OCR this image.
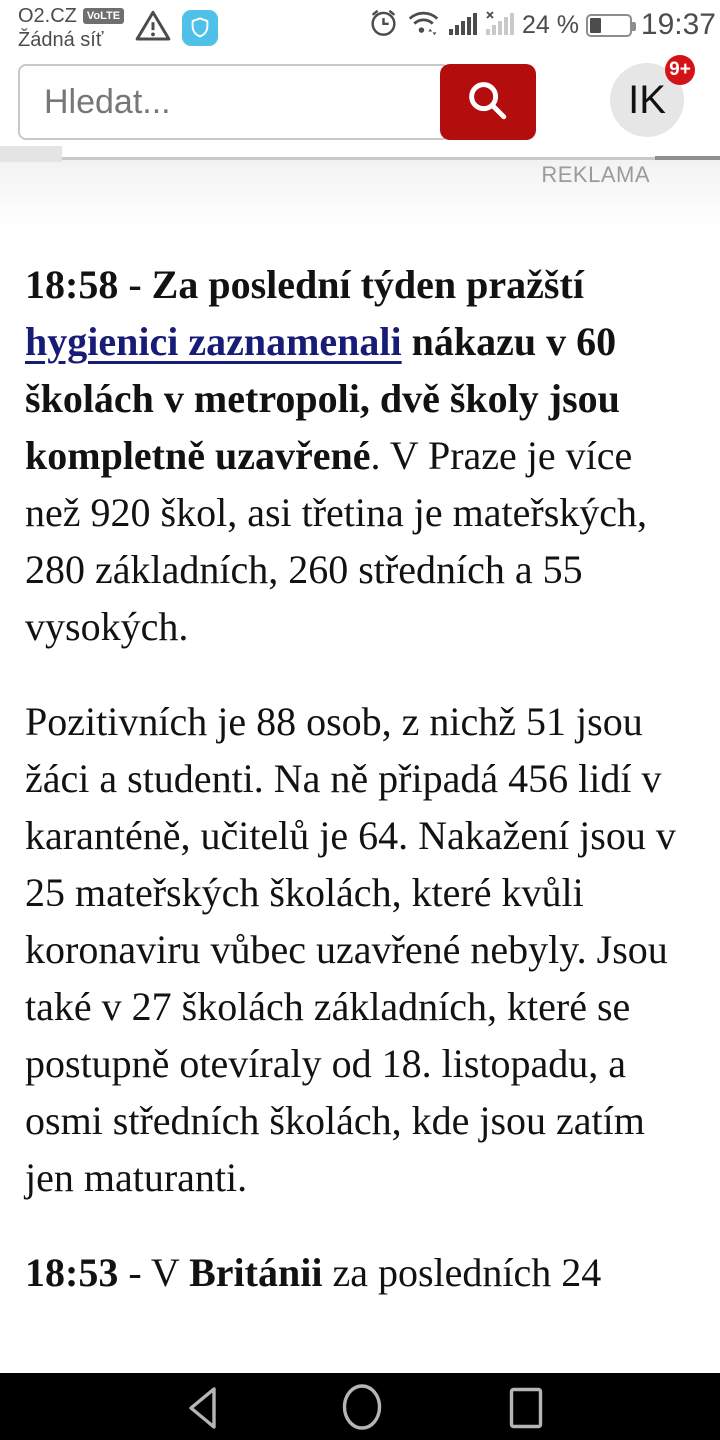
O2.CZ VoLTE
Žádná síť
24 % 19:37
Hledat...
IK
9+
REKLAMA

18:58 - Za poslední týden pražští hygienici zaznamenali nákazu v 60 školách v metropoli, dvě školy jsou kompletně uzavřené. V Praze je více než 920 škol, asi třetina je mateřských, 280 základních, 260 středních a 55 vysokých.

Pozitivních je 88 osob, z nichž 51 jsou žáci a studenti. Na ně připadá 456 lidí v karanténě, učitelů je 64. Nakažení jsou v 25 mateřských školách, které kvůli koronaviru vůbec uzavřené nebyly. Jsou také v 27 školách základních, které se postupně otevíraly od 18. listopadu, a osmi středních školách, kde jsou zatím jen maturanti.

18:53 - V Británii za posledních 24
